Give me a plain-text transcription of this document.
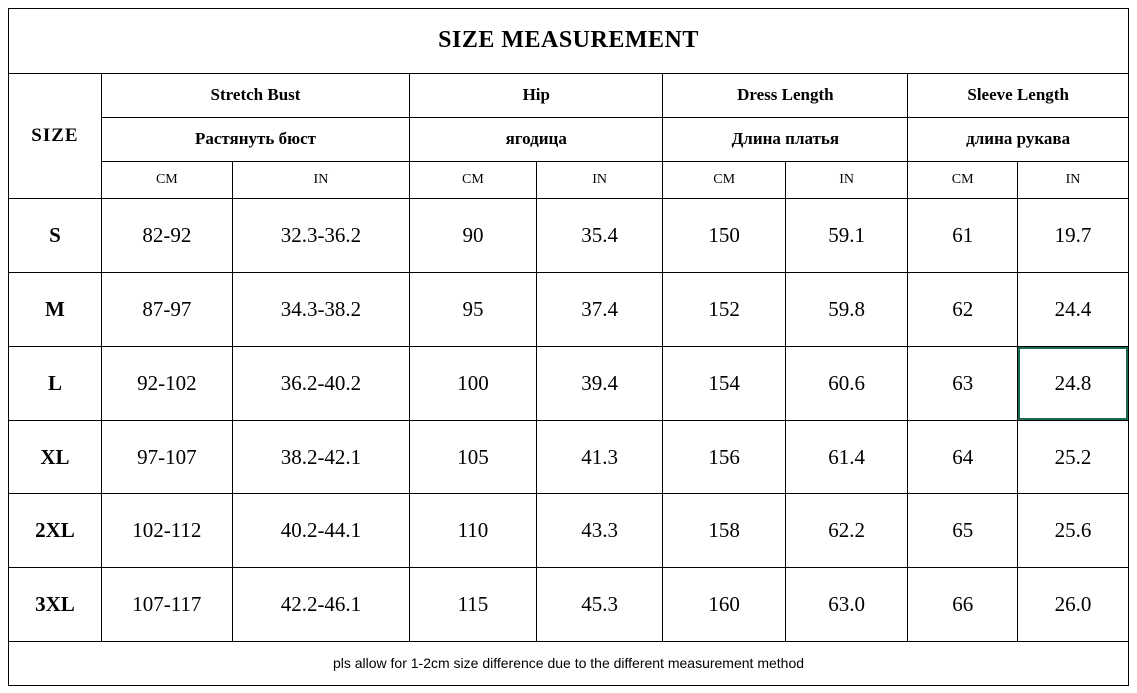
SIZE MEASUREMENT								
SIZE	Stretch Bust		Hip		Dress Length		Sleeve Length	
	Растянуть бюст		ягодица		Длина платья		длина рукава	
	CM	IN	CM	IN	CM	IN	CM	IN
S	82-92	32.3-36.2	90	35.4	150	59.1	61	19.7
M	87-97	34.3-38.2	95	37.4	152	59.8	62	24.4
L	92-102	36.2-40.2	100	39.4	154	60.6	63	24.8
XL	97-107	38.2-42.1	105	41.3	156	61.4	64	25.2
2XL	102-112	40.2-44.1	110	43.3	158	62.2	65	25.6
3XL	107-117	42.2-46.1	115	45.3	160	63.0	66	26.0
pls allow for 1-2cm size difference due to the different measurement method								
